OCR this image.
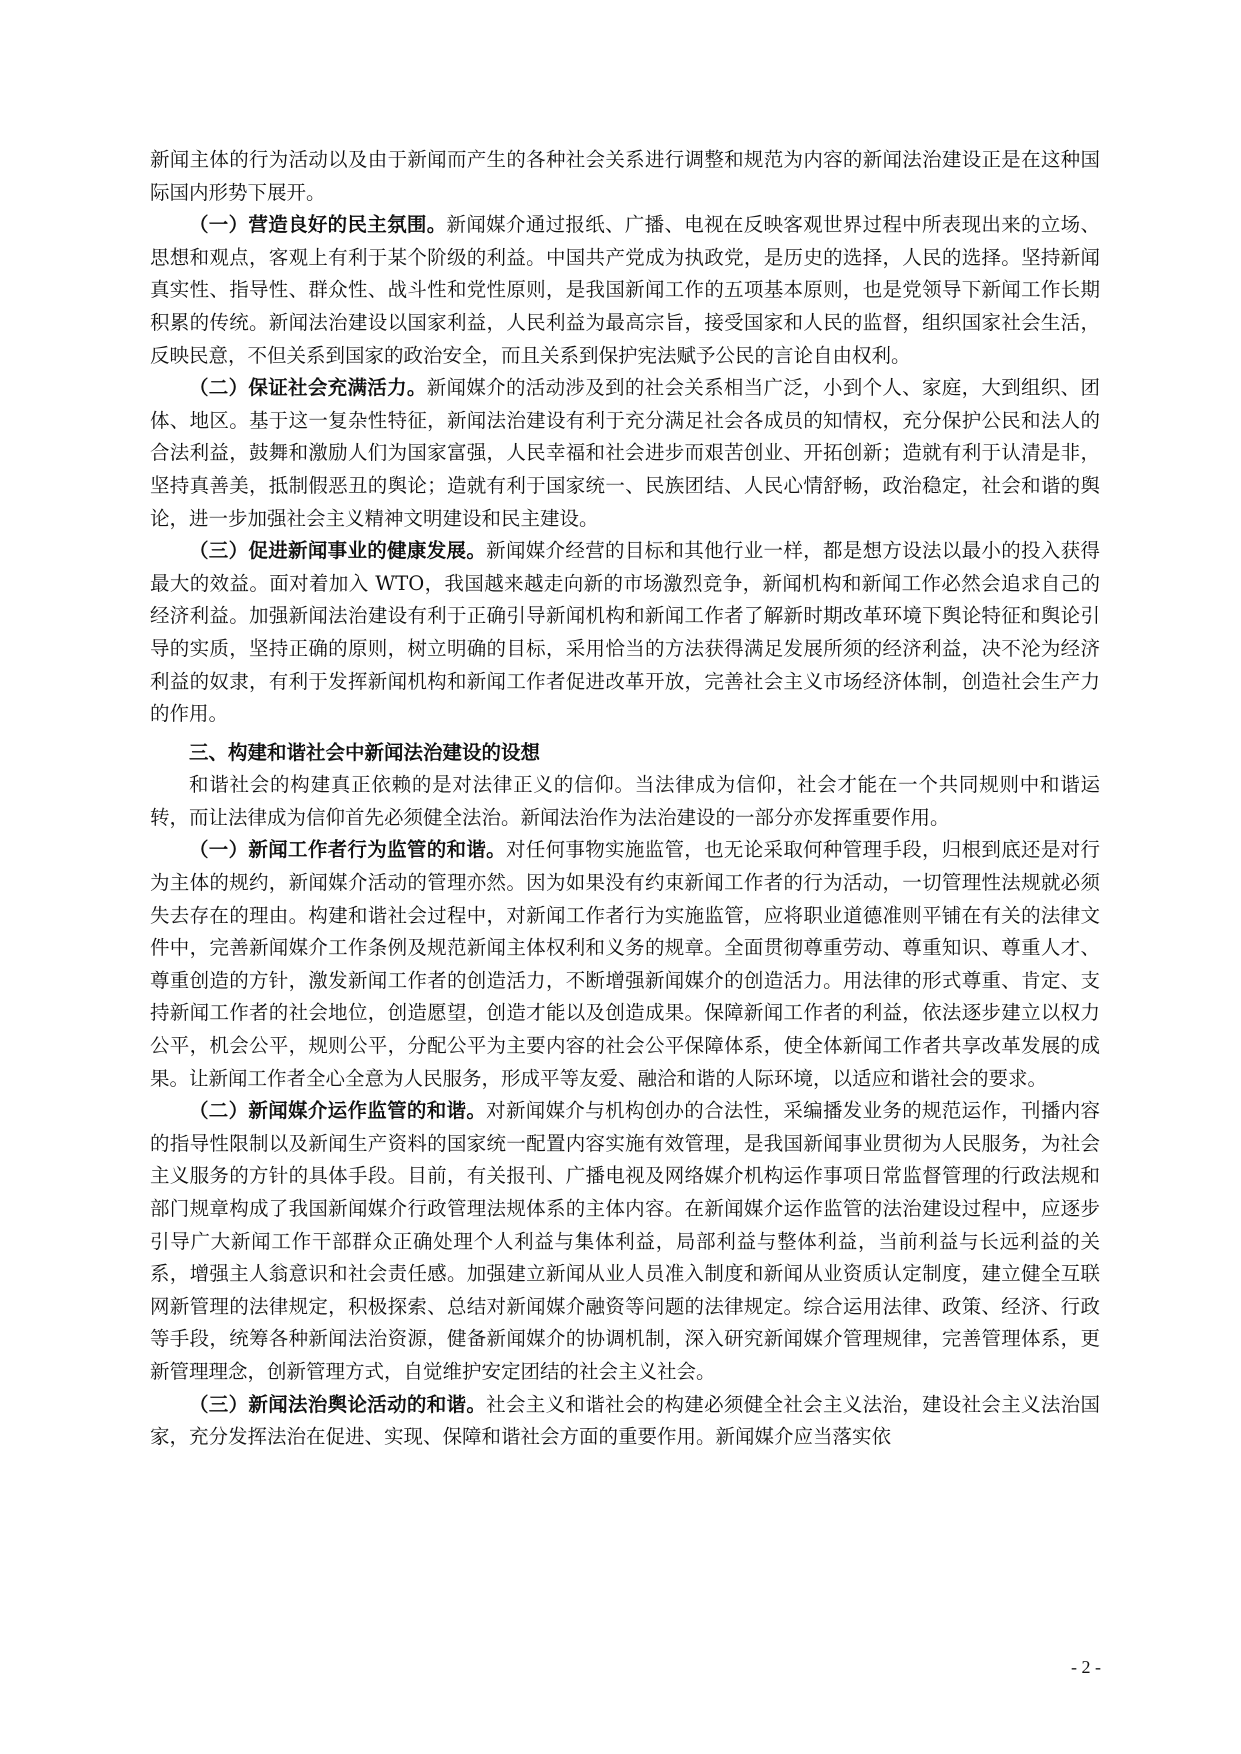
新闻主体的行为活动以及由于新闻而产生的各种社会关系进行调整和规范为内容的新闻法治建设正是在这种国际国内形势下展开。

（一）营造良好的民主氛围。新闻媒介通过报纸、广播、电视在反映客观世界过程中所表现出来的立场、思想和观点，客观上有利于某个阶级的利益。中国共产党成为执政党，是历史的选择，人民的选择。坚持新闻真实性、指导性、群众性、战斗性和党性原则，是我国新闻工作的五项基本原则，也是党领导下新闻工作长期积累的传统。新闻法治建设以国家利益，人民利益为最高宗旨，接受国家和人民的监督，组织国家社会生活，反映民意，不但关系到国家的政治安全，而且关系到保护宪法赋予公民的言论自由权利。

（二）保证社会充满活力。新闻媒介的活动涉及到的社会关系相当广泛，小到个人、家庭，大到组织、团体、地区。基于这一复杂性特征，新闻法治建设有利于充分满足社会各成员的知情权，充分保护公民和法人的合法利益，鼓舞和激励人们为国家富强，人民幸福和社会进步而艰苦创业、开拓创新；造就有利于认清是非，坚持真善美，抵制假恶丑的舆论；造就有利于国家统一、民族团结、人民心情舒畅，政治稳定，社会和谐的舆论，进一步加强社会主义精神文明建设和民主建设。

（三）促进新闻事业的健康发展。新闻媒介经营的目标和其他行业一样，都是想方设法以最小的投入获得最大的效益。面对着加入 WTO，我国越来越走向新的市场激烈竞争，新闻机构和新闻工作必然会追求自己的经济利益。加强新闻法治建设有利于正确引导新闻机构和新闻工作者了解新时期改革环境下舆论特征和舆论引导的实质，坚持正确的原则，树立明确的目标，采用恰当的方法获得满足发展所须的经济利益，决不沦为经济利益的奴隶，有利于发挥新闻机构和新闻工作者促进改革开放，完善社会主义市场经济体制，创造社会生产力的作用。

三、构建和谐社会中新闻法治建设的设想

和谐社会的构建真正依赖的是对法律正义的信仰。当法律成为信仰，社会才能在一个共同规则中和谐运转，而让法律成为信仰首先必须健全法治。新闻法治作为法治建设的一部分亦发挥重要作用。

（一）新闻工作者行为监管的和谐。对任何事物实施监管，也无论采取何种管理手段，归根到底还是对行为主体的规约，新闻媒介活动的管理亦然。因为如果没有约束新闻工作者的行为活动，一切管理性法规就必须失去存在的理由。构建和谐社会过程中，对新闻工作者行为实施监管，应将职业道德准则平铺在有关的法律文件中，完善新闻媒介工作条例及规范新闻主体权利和义务的规章。全面贯彻尊重劳动、尊重知识、尊重人才、尊重创造的方针，激发新闻工作者的创造活力，不断增强新闻媒介的创造活力。用法律的形式尊重、肯定、支持新闻工作者的社会地位，创造愿望，创造才能以及创造成果。保障新闻工作者的利益，依法逐步建立以权力公平，机会公平，规则公平，分配公平为主要内容的社会公平保障体系，使全体新闻工作者共享改革发展的成果。让新闻工作者全心全意为人民服务，形成平等友爱、融洽和谐的人际环境，以适应和谐社会的要求。

（二）新闻媒介运作监管的和谐。对新闻媒介与机构创办的合法性，采编播发业务的规范运作，刊播内容的指导性限制以及新闻生产资料的国家统一配置内容实施有效管理，是我国新闻事业贯彻为人民服务，为社会主义服务的方针的具体手段。目前，有关报刊、广播电视及网络媒介机构运作事项日常监督管理的行政法规和部门规章构成了我国新闻媒介行政管理法规体系的主体内容。在新闻媒介运作监管的法治建设过程中，应逐步引导广大新闻工作干部群众正确处理个人利益与集体利益，局部利益与整体利益，当前利益与长远利益的关系，增强主人翁意识和社会责任感。加强建立新闻从业人员准入制度和新闻从业资质认定制度，建立健全互联网新管理的法律规定，积极探索、总结对新闻媒介融资等问题的法律规定。综合运用法律、政策、经济、行政等手段，统筹各种新闻法治资源，健备新闻媒介的协调机制，深入研究新闻媒介管理规律，完善管理体系，更新管理理念，创新管理方式，自觉维护安定团结的社会主义社会。

（三）新闻法治舆论活动的和谐。社会主义和谐社会的构建必须健全社会主义法治，建设社会主义法治国家，充分发挥法治在促进、实现、保障和谐社会方面的重要作用。新闻媒介应当落实依

- 2 -
